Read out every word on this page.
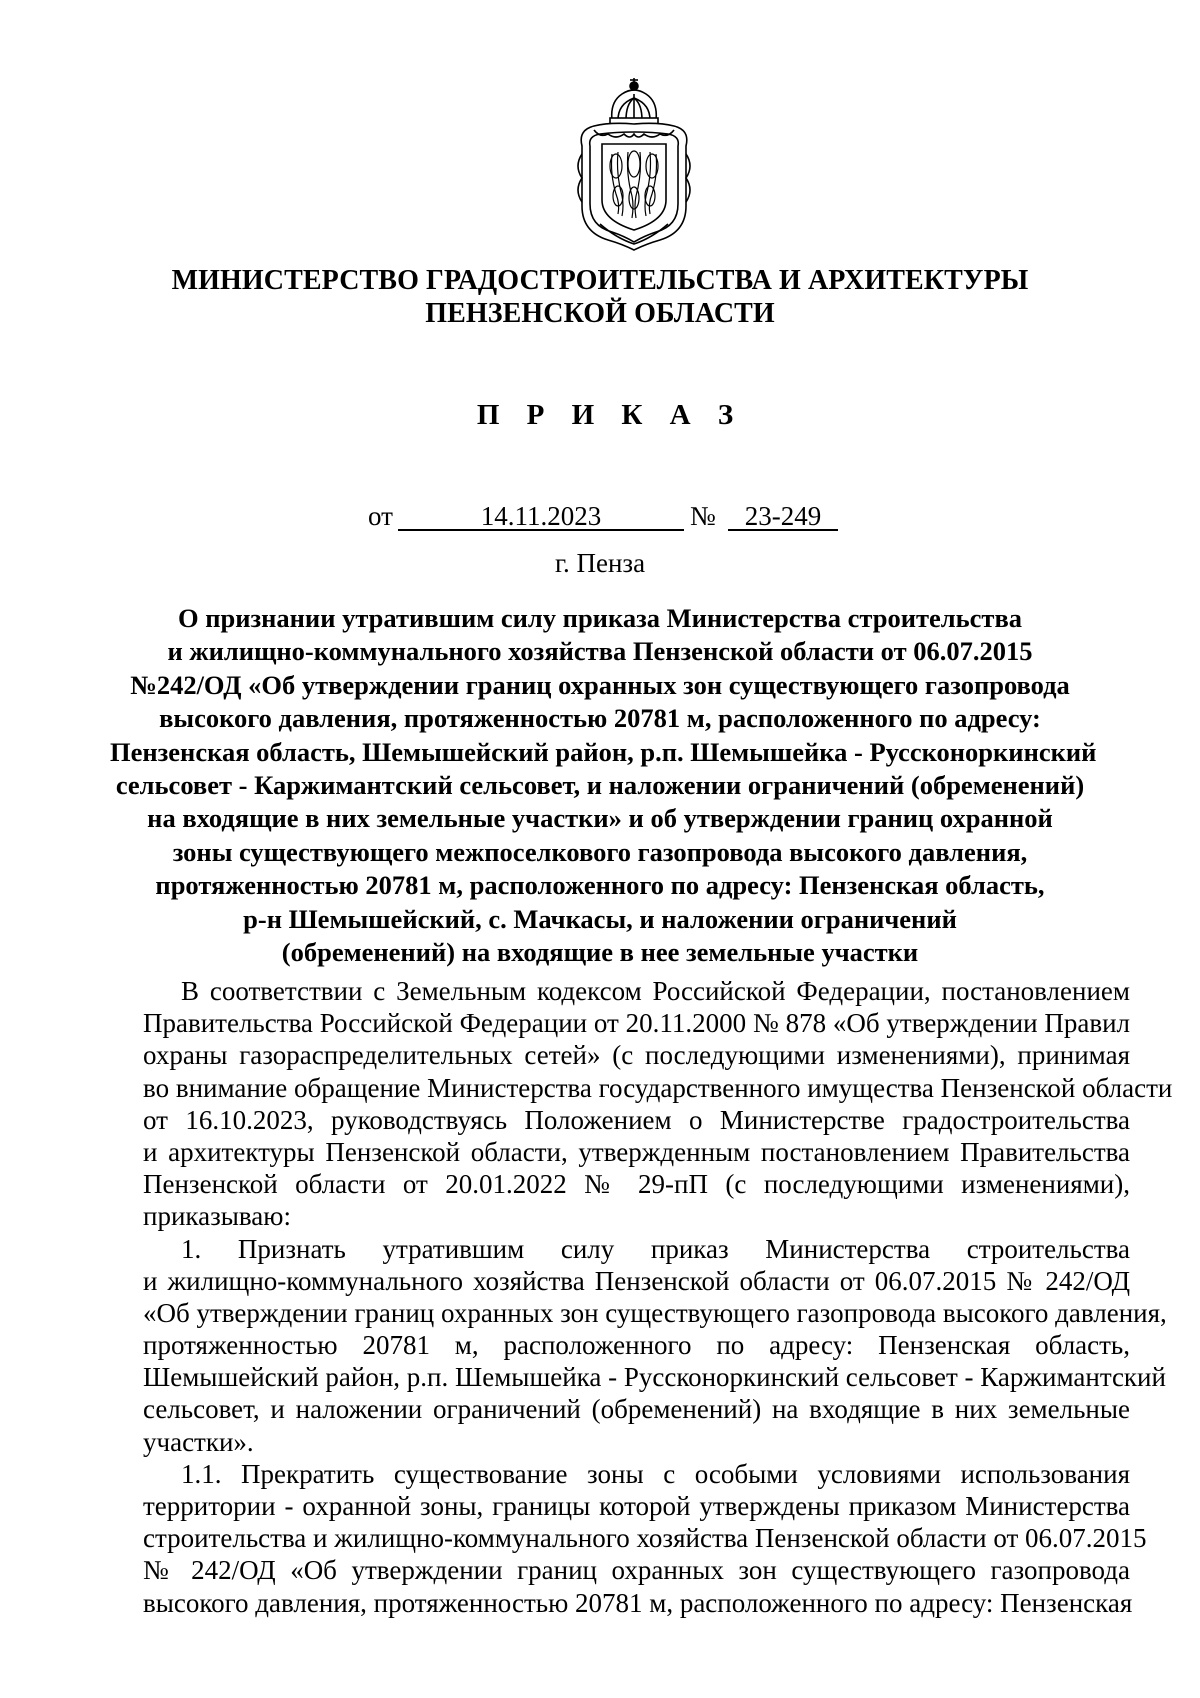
МИНИСТЕРСТВО ГРАДОСТРОИТЕЛЬСТВА И АРХИТЕКТУРЫ
ПЕНЗЕНСКОЙ ОБЛАСТИ
П Р И К А З
от	14.11.2023	№	23-249
г. Пенза
О признании утратившим силу приказа Министерства строительства
и жилищно-коммунального хозяйства Пензенской области от 06.07.2015
№242/ОД «Об утверждении границ охранных зон существующего газопровода
высокого давления, протяженностью 20781 м, расположенного по адресу:
Пензенская область, Шемышейский район, р.п. Шемышейка - Руссконоркинский
сельсовет - Каржимантский сельсовет, и наложении ограничений (обременений)
на входящие в них земельные участки» и об утверждении границ охранной
зоны существующего межпоселкового газопровода высокого давления,
протяженностью 20781 м, расположенного по адресу: Пензенская область,
р-н Шемышейский, с. Мачкасы, и наложении ограничений
(обременений) на входящие в нее земельные участки
В соответствии с Земельным кодексом Российской Федерации, постановлением
Правительства Российской Федерации от 20.11.2000 № 878 «Об утверждении Правил
охраны газораспределительных сетей» (с последующими изменениями), принимая
во внимание обращение Министерства государственного имущества Пензенской области
от 16.10.2023, руководствуясь Положением о Министерстве градостроительства
и архитектуры Пензенской области, утвержденным постановлением Правительства
Пензенской области от 20.01.2022 № 29-пП (с последующими изменениями),
приказываю:
1. Признать утратившим силу приказ Министерства строительства
и жилищно-коммунального хозяйства Пензенской области от 06.07.2015 № 242/ОД
«Об утверждении границ охранных зон существующего газопровода высокого давления,
протяженностью 20781 м, расположенного по адресу: Пензенская область,
Шемышейский район, р.п. Шемышейка - Руссконоркинский сельсовет - Каржимантский
сельсовет, и наложении ограничений (обременений) на входящие в них земельные
участки».
1.1. Прекратить существование зоны с особыми условиями использования
территории - охранной зоны, границы которой утверждены приказом Министерства
строительства и жилищно-коммунального хозяйства Пензенской области от 06.07.2015
№ 242/ОД «Об утверждении границ охранных зон существующего газопровода
высокого давления, протяженностью 20781 м, расположенного по адресу: Пензенская
